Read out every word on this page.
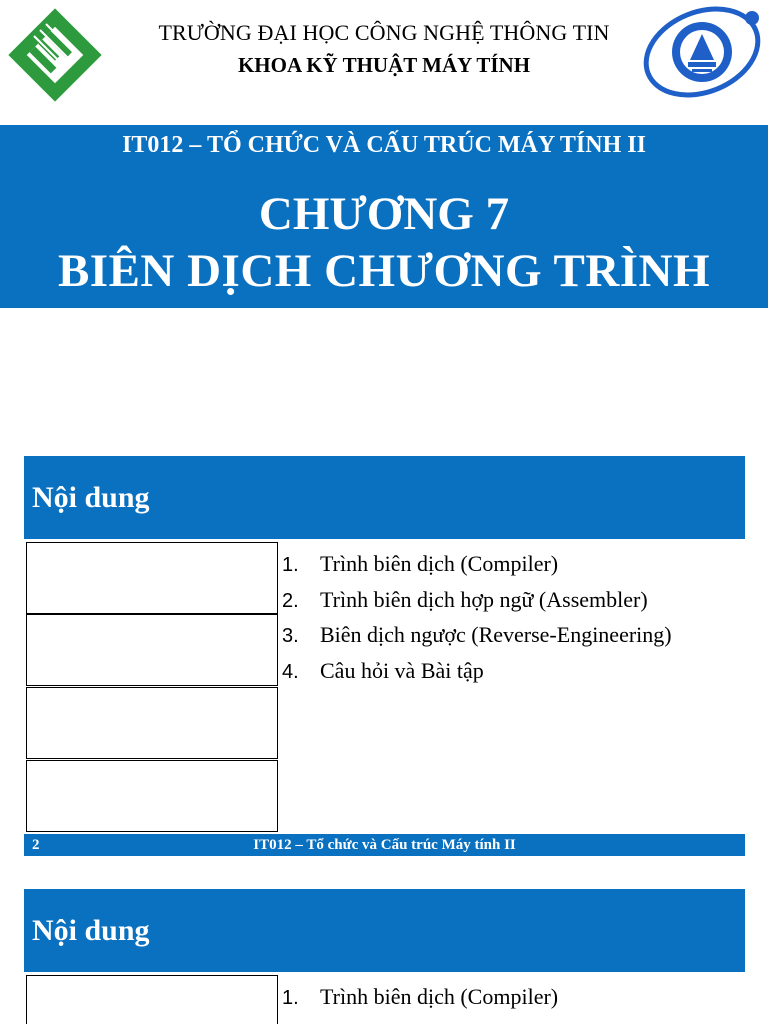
TRƯỜNG ĐẠI HỌC CÔNG NGHỆ THÔNG TIN
KHOA KỸ THUẬT MÁY TÍNH
IT012 – TỔ CHỨC VÀ CẤU TRÚC MÁY TÍNH II
CHƯƠNG 7
BIÊN DỊCH CHƯƠNG TRÌNH
Nội dung
1. Trình biên dịch (Compiler)
2. Trình biên dịch hợp ngữ (Assembler)
3. Biên dịch ngược (Reverse-Engineering)
4. Câu hỏi và Bài tập
2	IT012 – Tổ chức và Cấu trúc Máy tính II
Nội dung
1. Trình biên dịch (Compiler)
